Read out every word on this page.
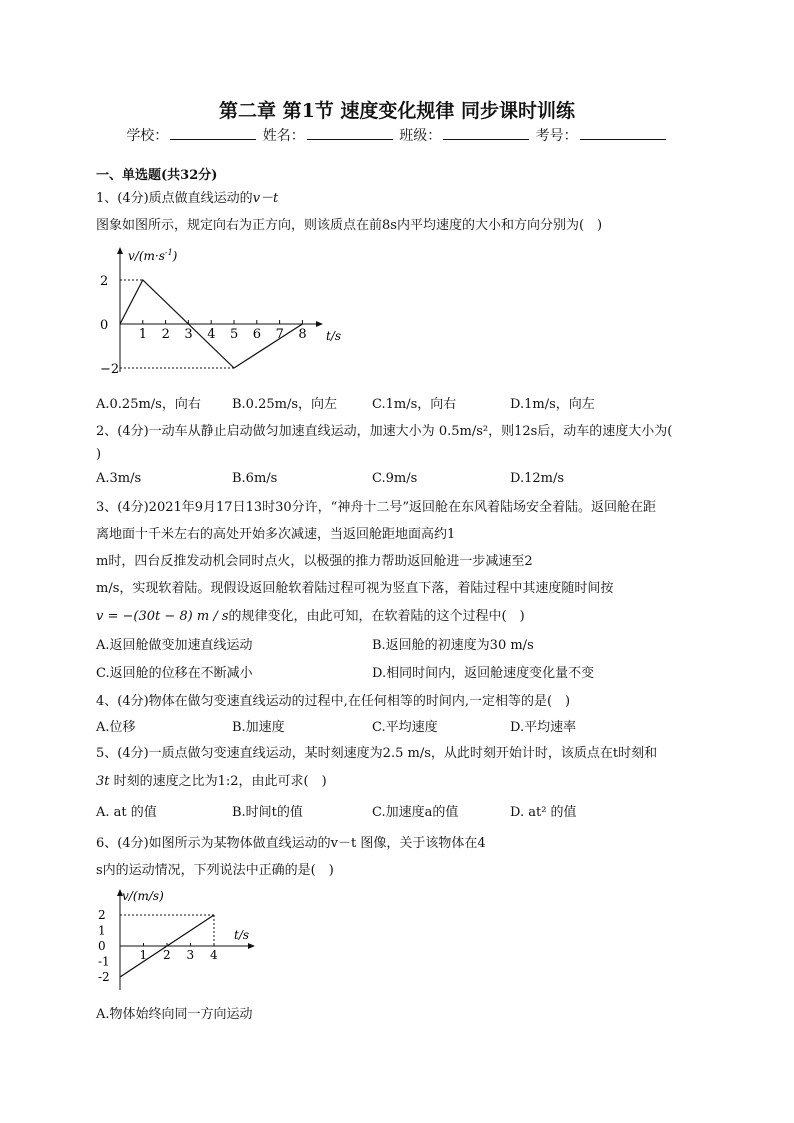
第二章 第1节 速度变化规律 同步课时训练
学校：	姓名：	班级：	考号：
一、单选题(共32分)
1、(4分)质点做直线运动的v－t
图象如图所示，规定向右为正方向，则该质点在前8s内平均速度的大小和方向分别为(　)
$v/(m\cdot s^{-1})$
t/s
2
0
−2
1 2 3 4 5 6 7 8
A.0.25m/s，向右 B.0.25m/s，向左	C.1m/s，向右	D.1m/s，向左
2、(4分)一动车从静止启动做匀加速直线运动，加速大小为 0.5m/s²，则12s后，动车的速度大小为(
)
A.3m/s	B.6m/s	C.9m/s	D.12m/s
3、(4分)2021年9月17日13时30分许，“神舟十二号”返回舱在东风着陆场安全着陆。返回舱在距
离地面十千米左右的高处开始多次减速，当返回舱距地面高约1
m时，四台反推发动机会同时点火，以极强的推力帮助返回舱进一步减速至2
m/s，实现软着陆。现假设返回舱软着陆过程可视为竖直下落，着陆过程中其速度随时间按
v = −(30t − 8) m / s的规律变化，由此可知，在软着陆的这个过程中(　)
A.返回舱做变加速直线运动	B.返回舱的初速度为30 m/s
C.返回舱的位移在不断减小	D.相同时间内，返回舱速度变化量不变
4、(4分)物体在做匀变速直线运动的过程中,在任何相等的时间内,一定相等的是(　)
A.位移	B.加速度	C.平均速度	D.平均速率
5、(4分)一质点做匀变速直线运动，某时刻速度为2.5 m/s，从此时刻开始计时，该质点在t时刻和
3t 时刻的速度之比为1:2，由此可求(　)
A. at 的值	B.时间t的值	C.加速度a的值	D. at² 的值
6、(4分)如图所示为某物体做直线运动的v－t 图像，关于该物体在4
s内的运动情况，下列说法中正确的是(　)
v/(m/s)
t/s
2
1
0
-1
-2
1 2 3 4
A.物体始终向同一方向运动
